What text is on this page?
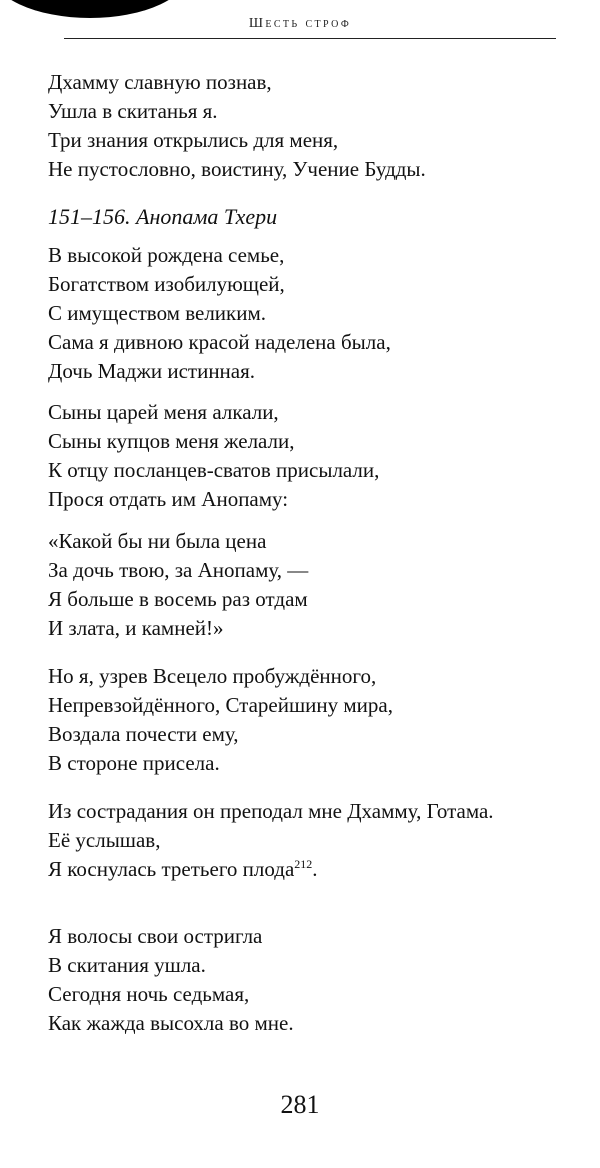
Шесть строф
Дхамму славную познав,
Ушла в скитанья я.
Три знания открылись для меня,
Не пустословно, воистину, Учение Будды.
151–156. Анопама Тхери
В высокой рождена семье,
Богатством изобилующей,
С имуществом великим.
Сама я дивною красой наделена была,
Дочь Маджи истинная.
Сыны царей меня алкали,
Сыны купцов меня желали,
К отцу посланцев-сватов присылали,
Прося отдать им Анопаму:
«Какой бы ни была цена
За дочь твою, за Анопаму, —
Я больше в восемь раз отдам
И злата, и камней!»
Но я, узрев Всецело пробуждённого,
Непревзойдённого, Старейшину мира,
Воздала почести ему,
В стороне присела.
Из сострадания он преподал мне Дхамму, Готама.
Её услышав,
Я коснулась третьего плода$^{212}$.
Я волосы свои остригла
В скитания ушла.
Сегодня ночь седьмая,
Как жажда высохла во мне.
281
